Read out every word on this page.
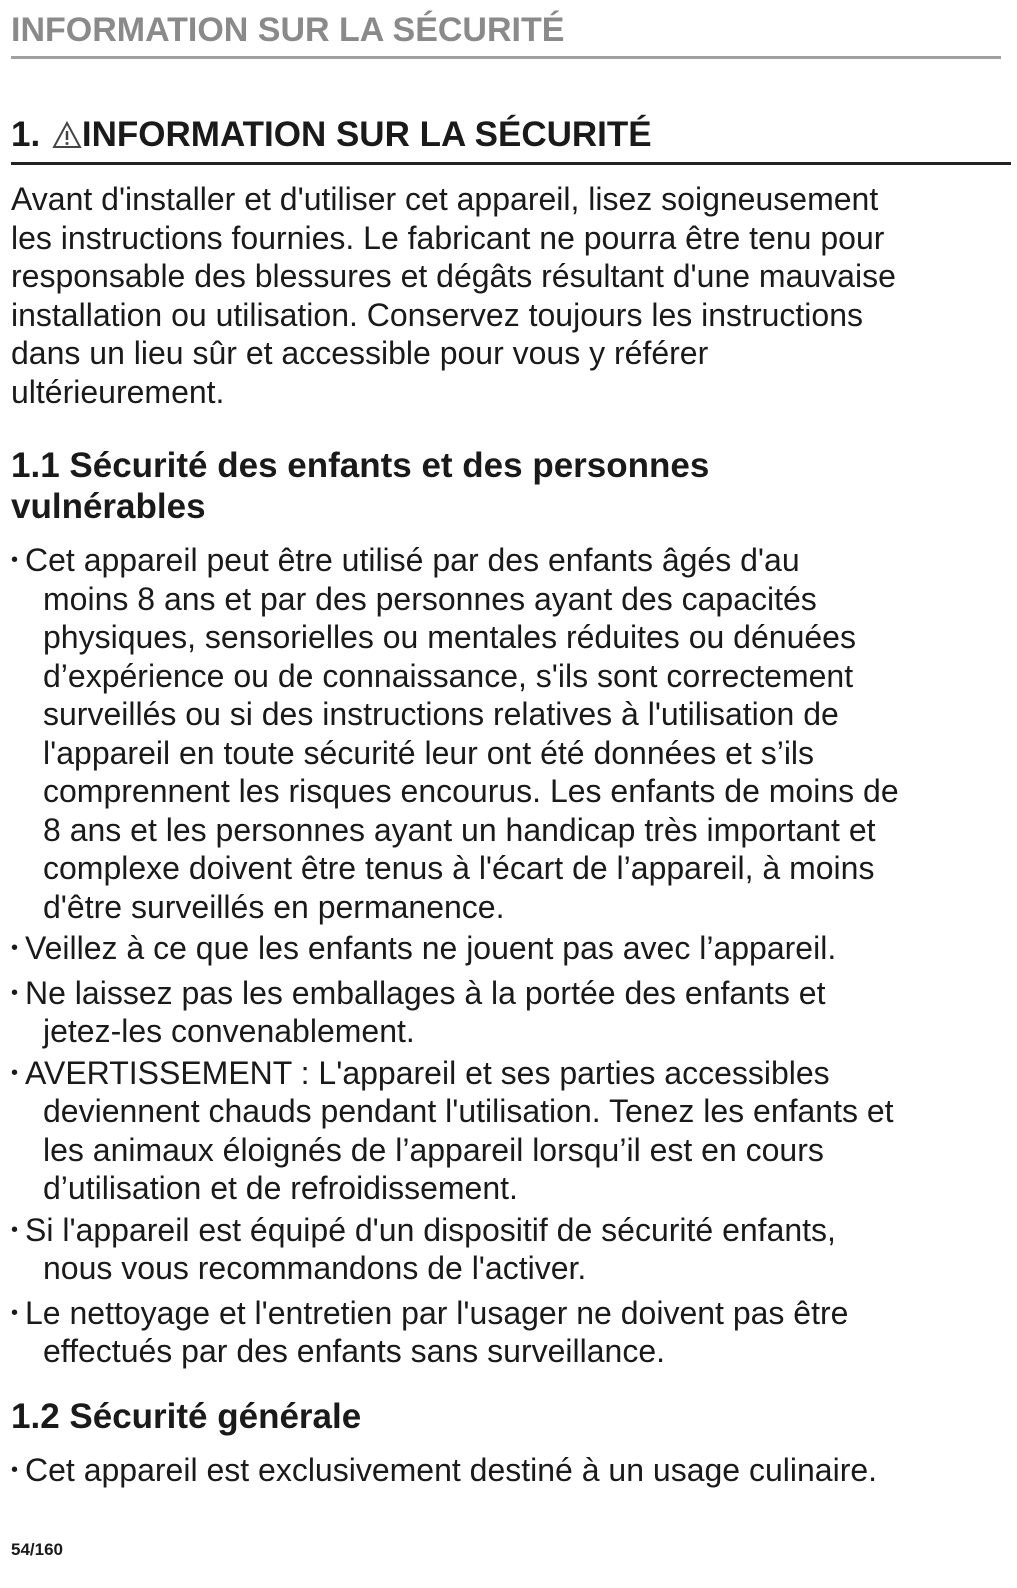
INFORMATION SUR LA SÉCURITÉ
1. INFORMATION SUR LA SÉCURITÉ
Avant d'installer et d'utiliser cet appareil, lisez soigneusement
les instructions fournies. Le fabricant ne pourra être tenu pour
responsable des blessures et dégâts résultant d'une mauvaise
installation ou utilisation. Conservez toujours les instructions
dans un lieu sûr et accessible pour vous y référer
ultérieurement.
1.1 Sécurité des enfants et des personnes
vulnérables
• Cet appareil peut être utilisé par des enfants âgés d'au
moins 8 ans et par des personnes ayant des capacités
physiques, sensorielles ou mentales réduites ou dénuées
d’expérience ou de connaissance, s'ils sont correctement
surveillés ou si des instructions relatives à l'utilisation de
l'appareil en toute sécurité leur ont été données et s’ils
comprennent les risques encourus. Les enfants de moins de
8 ans et les personnes ayant un handicap très important et
complexe doivent être tenus à l'écart de l’appareil, à moins
d'être surveillés en permanence.
• Veillez à ce que les enfants ne jouent pas avec l’appareil.
• Ne laissez pas les emballages à la portée des enfants et
jetez-les convenablement.
• AVERTISSEMENT : L'appareil et ses parties accessibles
deviennent chauds pendant l'utilisation. Tenez les enfants et
les animaux éloignés de l’appareil lorsqu’il est en cours
d’utilisation et de refroidissement.
• Si l'appareil est équipé d'un dispositif de sécurité enfants,
nous vous recommandons de l'activer.
• Le nettoyage et l'entretien par l'usager ne doivent pas être
effectués par des enfants sans surveillance.
1.2 Sécurité générale
• Cet appareil est exclusivement destiné à un usage culinaire.
54/160
